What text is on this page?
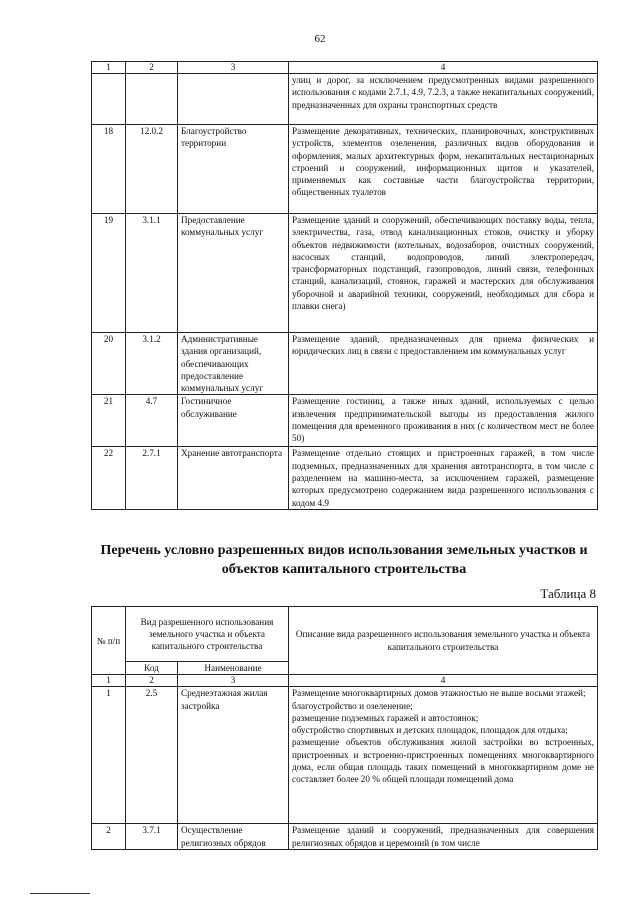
62
1	2	3	4
			улиц и дорог, за исключением предусмотренных видами разрешенного использования с кодами 2.7.1, 4.9, 7.2.3, а также некапитальных сооружений, предназначенных для охраны транспортных средств
18	12.0.2	Благоустройство территории	Размещение декоративных, технических, планировочных, конструктивных устройств, элементов озеленения, различных видов оборудования и оформления, малых архитектурных форм, некапитальных нестационарных строений и сооружений, информационных щитов и указателей, применяемых как составные части благоустройства территории, общественных туалетов
19	3.1.1	Предоставление коммунальных услуг	Размещение зданий и сооружений, обеспечивающих поставку воды, тепла, электричества, газа, отвод канализационных стоков, очистку и уборку объектов недвижимости (котельных, водозаборов, очистных сооружений, насосных станций, водопроводов, линий электропередач, трансформаторных подстанций, газопроводов, линий связи, телефонных станций, канализаций, стоянок, гаражей и мастерских для обслуживания уборочной и аварийной техники, сооружений, необходимых для сбора и плавки снега)
20	3.1.2	Административные здания организаций, обеспечивающих предоставление коммунальных услуг	Размещение зданий, предназначенных для приема физических и юридических лиц в связи с предоставлением им коммунальных услуг
21	4.7	Гостиничное обслуживание	Размещение гостиниц, а также иных зданий, используемых с целью извлечения предпринимательской выгоды из предоставления жилого помещения для временного проживания в них (с количеством мест не более 50)
22	2.7.1	Хранение автотранспорта	Размещение отдельно стоящих и пристроенных гаражей, в том числе подземных, предназначенных для хранения автотранспорта, в том числе с разделением на машино-места, за исключением гаражей, размещение которых предусмотрено содержанием вида разрешенного использования с кодом 4.9
Перечень условно разрешенных видов использования земельных участков и объектов капитального строительства
Таблица 8
№ п/п	Вид разрешенного использования земельного участка и объекта капитального строительства		Описание вида разрешенного использования земельного участка и объекта капитального строительства
	Код	Наименование	
1	2	3	4
1	2.5	Среднеэтажная жилая застройка	Размещение многоквартирных домов этажностью не выше восьми этажей;
благоустройство и озеленение;
размещение подземных гаражей и автостоянок;
обустройство спортивных и детских площадок, площадок для отдыха;
размещение объектов обслуживания жилой застройки во встроенных, пристроенных и встроенно-пристроенных помещениях многоквартирного дома, если общая площадь таких помещений в многоквартирном доме не составляет более 20 % общей площади помещений дома

2	3.7.1	Осуществление религиозных обрядов	Размещение зданий и сооружений, предназначенных для совершения религиозных обрядов и церемоний (в том числе
